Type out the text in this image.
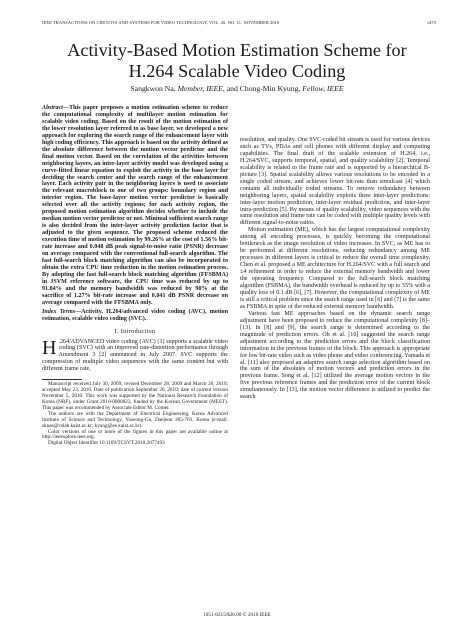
IEEE TRANSACTIONS ON CIRCUITS AND SYSTEMS FOR VIDEO TECHNOLOGY, VOL. 20, NO. 11, NOVEMBER 2010	1475
Activity-Based Motion Estimation Scheme for
H.264 Scalable Video Coding
Sangkwon Na, Member, IEEE, and Chong-Min Kyung, Fellow, IEEE

Abstract—This paper proposes a motion estimation scheme to reduce the computational complexity of multilayer motion estimation for scalable video coding. Based on the result of the motion estimation of the lower resolution layer referred to as base layer, we developed a new approach for exploring the search range of the enhancement layer with high coding efficiency. This approach is based on the activity defined as the absolute difference between the motion vector predictor and the final motion vector. Based on the correlation of the activities between neighboring layers, an inter-layer activity model was developed using a curve-fitted linear equation to exploit the activity in the base layer for deciding the search center and the search range of the enhancement layer. Each activity pair in the neighboring layers is used to associate the relevant macroblock to one of two groups: boundary region and interior region. The base-layer motion vector predictor is basically selected over all the activity regions; for each activity region, the proposed motion estimation algorithm decides whether to include the median motion vector predictor or not. Minimal sufficient search range is also decided from the inter-layer activity prediction factor that is adjusted to the given sequence. The proposed scheme reduced the execution time of motion estimation by 99.26% at the cost of 1.56% bit-rate increase and 0.048 dB peak signal-to-noise ratio (PSNR) decrease on average compared with the conventional full-search algorithm. The fast full-search block matching algorithm can also be incorporated to obtain the extra CPU time reduction in the motion estimation process. By adopting the fast full-search block matching algorithm (FFSBMA) in JSVM reference software, the CPU time was reduced by up to 91.84% and the memory bandwidth was reduced by 90% at the sacrifice of 1.27% bit-rate increase and 0.041 dB PSNR decrease on average compared with the FFSBMA only.

Index Terms—Activity, H.264/advanced video coding (AVC), motion estimation, scalable video coding (SVC).

I. Introduction

H .264/ADVANCED video coding (AVC) [1] supports a scalable video coding (SVC) with an improved rate-distortion performance through Amendment 3 [2] announced in July 2007. SVC supports the compression of multiple video sequences with the same content but with different frame rate,

Manuscript received July 30, 2009; revised December 28, 2009 and March 26, 2010; accepted May 23, 2010. Date of publication September 20, 2010; date of current version November 5, 2010. This work was supported by the National Research Foundation of Korea (NRF), under Grant 2010-0000823, funded by the Korean Government (MEST). This paper was recommended by Associate Editor M. Comer.

The authors are with the Department of Electrical Engineering, Korea Advanced Institute of Science and Technology, Yuseong-Gu, Daejeon 305-701, Korea (e-mail: sknas@vslab.kaist.ac.kr; kyung@ee.kaist.ac.kr).

Color versions of one or more of the figures in this paper are available online at http://ieeexplore.ieee.org.

Digital Object Identifier 10.1109/TCSVT.2010.2077493

resolution, and quality. One SVC-coded bit stream is used for various devices such as TVs, PDAs and cell phones with different display and computing capabilities. The final draft of the scalable extension of H.264, i.e., H.264/SVC, supports temporal, spatial, and quality scalability [2]. Temporal scalability is related to the frame rate and is supported by a hierarchical B-picture [3]. Spatial scalability allows various resolutions to be encoded in a single coded stream, and achieves lower bit-rate than simulcast [4] which contains all individually coded streams. To remove redundancy between neighboring layers, spatial scalability exploits three inter-layer predictions: inter-layer motion prediction, inter-layer residual prediction, and inter-layer intra-prediction [5]. By means of quality scalability, video sequences with the same resolution and frame rate can be coded with multiple quality levels with different signal-to-noise ratios.

Motion estimation (ME), which has the largest computational complexity among all encoding processes, is quickly becoming the computational bottleneck as the image resolution of video increases. In SVC, as ME has to be performed at different resolutions, reducing redundancy among ME processes in different layers is critical to reduce the overall time complexity. Chen et al. proposed a ME architecture for H.264/SVC with a full search and ±4 refinement in order to reduce the external memory bandwidth and lower the operating frequency. Compared to the full-search block matching algorithm (FSBMA), the bandwidth overhead is reduced by up to 55% with a quality loss of 0.1 dB [6], [7]. However, the computational complexity of ME is still a critical problem since the search range used in [6] and [7] is the same as FSBMA in spite of the reduced external memory bandwidth.

Various fast ME approaches based on the dynamic search range adjustment have been proposed to reduce the computational complexity [8]–[13]. In [8] and [9], the search range is determined according to the magnitude of prediction errors. Oh et al. [10] suggested the search range adjustment according to the prediction errors and the block classification information in the previous frames of the block. This approach is appropriate for low bit-rate video such as video phone and video conferencing. Yamada et al. [11] also proposed an adaptive search range selection algorithm based on the sum of the absolutes of motion vectors and prediction errors in the previous frame. Song et al. [12] utilized the average motion vectors in the five previous reference frames and the prediction error of the current block simultaneously. In [13], the motion vector difference is utilized to predict the search

1051-8215/$26.00 © 2010 IEEE
